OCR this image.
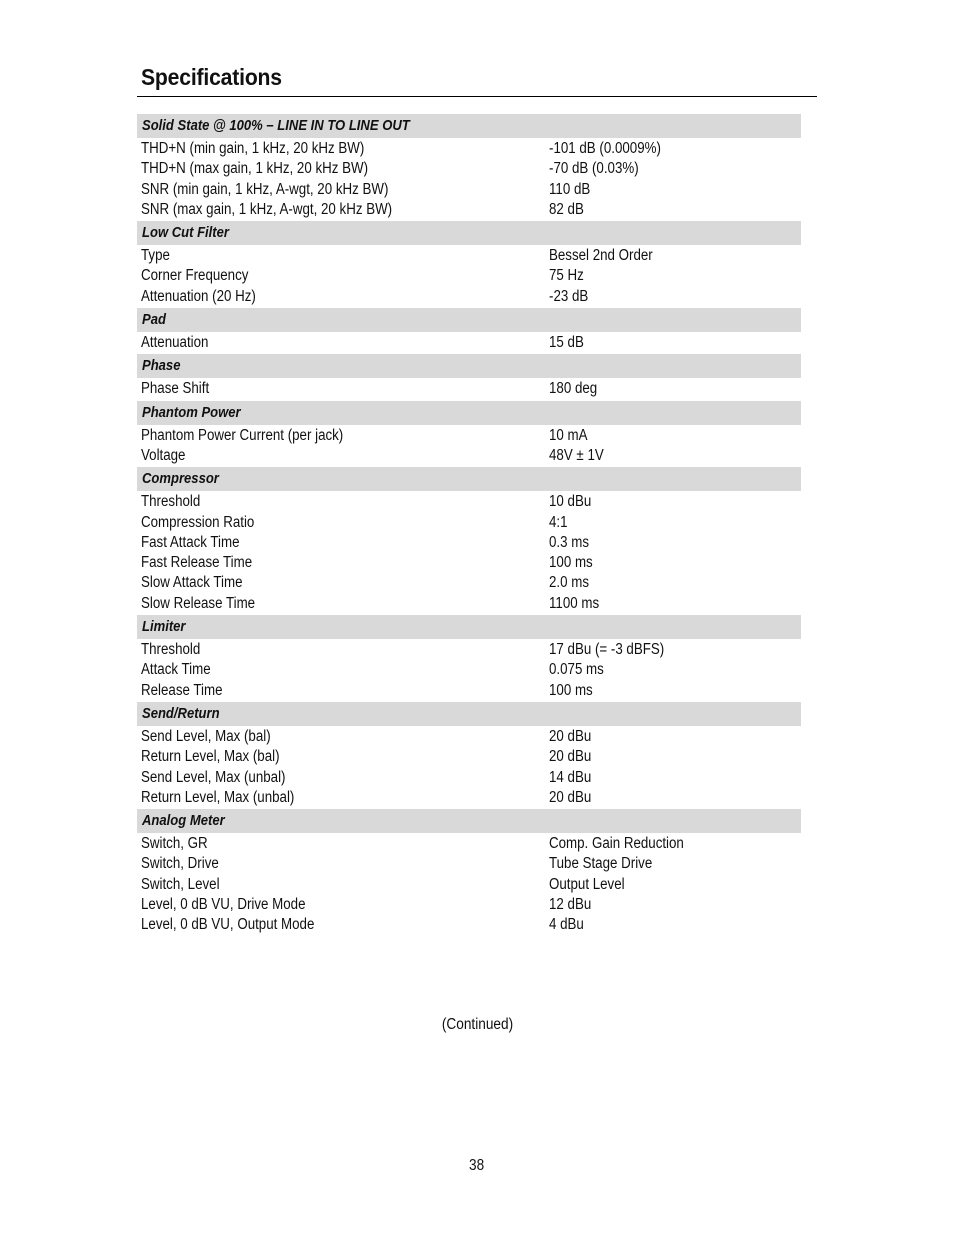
Specifications
Solid State @ 100% – LINE IN TO LINE OUT
THD+N (min gain, 1 kHz, 20 kHz BW)	-101 dB (0.0009%)
THD+N (max gain, 1 kHz, 20 kHz BW)	-70 dB (0.03%)
SNR (min gain, 1 kHz, A-wgt, 20 kHz BW)	110 dB
SNR (max gain, 1 kHz, A-wgt, 20 kHz BW)	82 dB
Low Cut Filter
Type	Bessel 2nd Order
Corner Frequency	75 Hz
Attenuation (20 Hz)	-23 dB
Pad
Attenuation	15 dB
Phase
Phase Shift	180 deg
Phantom Power
Phantom Power Current (per jack)	10 mA
Voltage	48V ± 1V
Compressor
Threshold	10 dBu
Compression Ratio	4:1
Fast Attack Time	0.3 ms
Fast Release Time	100 ms
Slow Attack Time	2.0 ms
Slow Release Time	1100 ms
Limiter
Threshold	17 dBu (= -3 dBFS)
Attack Time	0.075 ms
Release Time	100 ms
Send/Return
Send Level, Max (bal)	20 dBu
Return Level, Max (bal)	20 dBu
Send Level, Max (unbal)	14 dBu
Return Level, Max (unbal)	20 dBu
Analog Meter
Switch, GR	Comp. Gain Reduction
Switch, Drive	Tube Stage Drive
Switch, Level	Output Level
Level, 0 dB VU, Drive Mode	12 dBu
Level, 0 dB VU, Output Mode	4 dBu
(Continued)
38
